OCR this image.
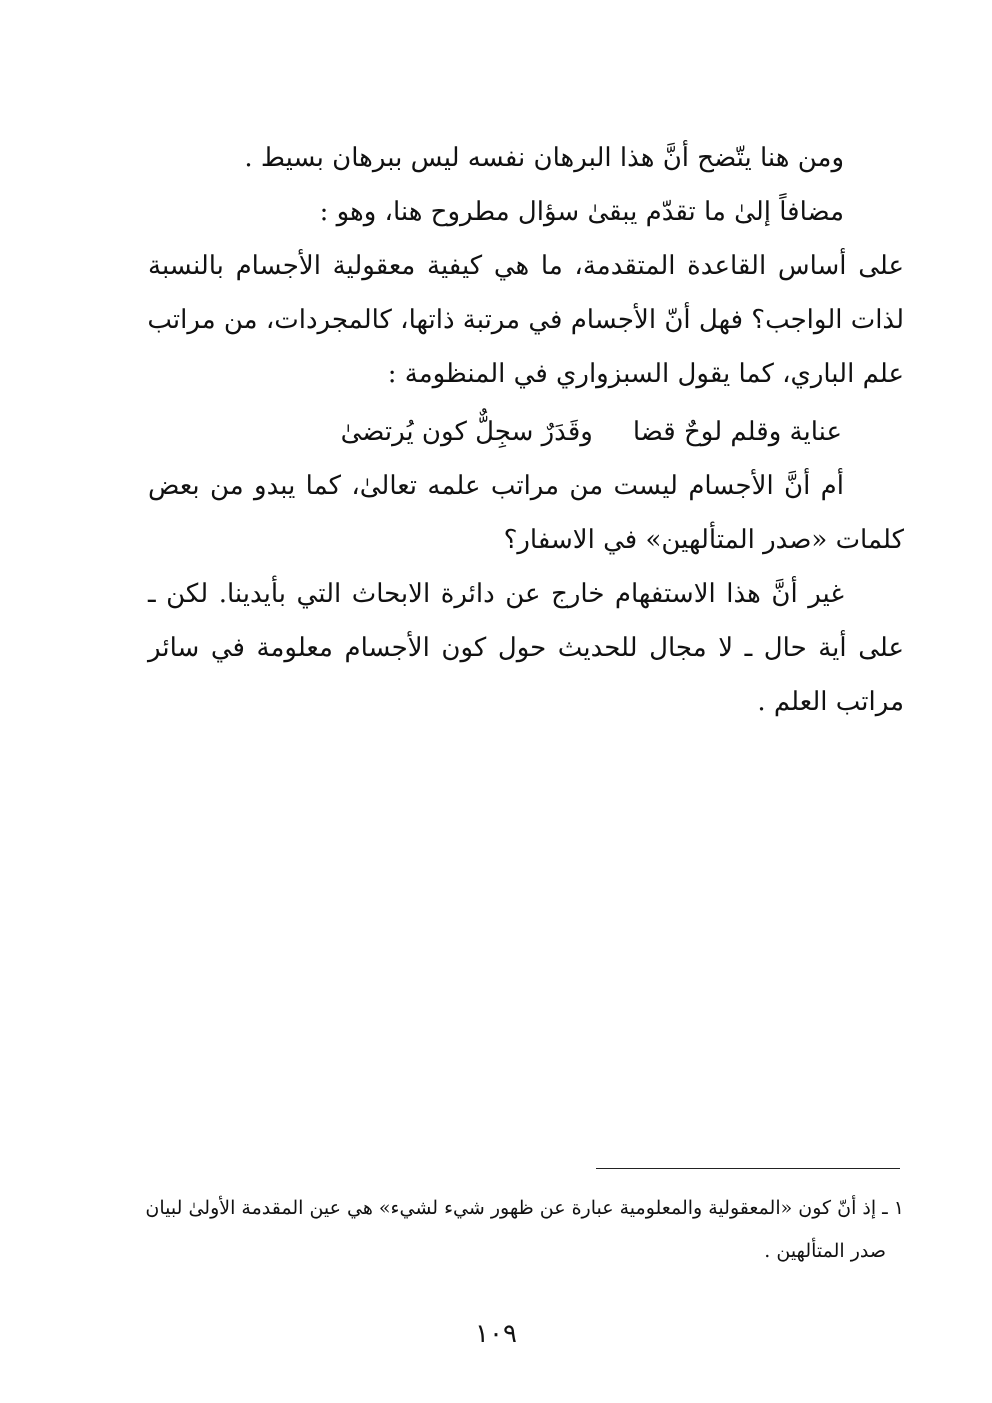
ومن هنا يتّضح أنَّ هذا البرهان نفسه ليس ببرهان بسيط .
مضافاً إلىٰ ما تقدّم يبقىٰ سؤال مطروح هنا، وهو :
على أساس القاعدة المتقدمة، ما هي كيفية معقولية الأجسام بالنسبة
لذات الواجب؟ فهل أنّ الأجسام في مرتبة ذاتها، كالمجردات، من مراتب
علم الباري، كما يقول السبزواري في المنظومة :
عناية وقلم لوحٌ قضاوقَدَرٌ سجِلٌّ كون يُرتضىٰ
أم أنَّ الأجسام ليست من مراتب علمه تعالىٰ، كما يبدو من بعض
كلمات «صدر المتألهين» في الاسفار؟
غير أنَّ هذا الاستفهام خارج عن دائرة الابحاث التي بأيدينا. لكن ـ
على أية حال ـ لا مجال للحديث حول كون الأجسام معلومة في سائر
مراتب العلم .
١ ـ إذ أنّ كون «المعقولية والمعلومية عبارة عن ظهور شيء لشيء» هي عين المقدمة الأولىٰ لبيان
صدر المتألهين .
١٠٩
